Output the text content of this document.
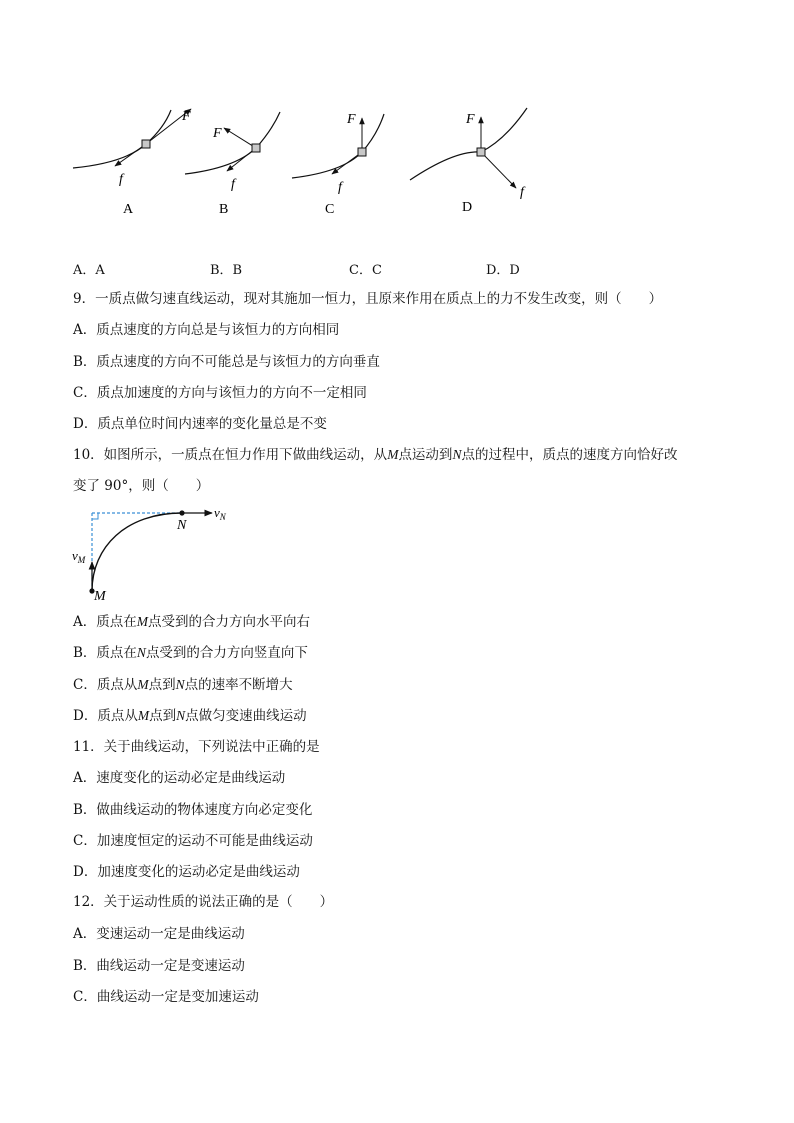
F
f
A
F
f
B
F
f
C
F
f
D
A．A	B．B	C．C	D．D
9．一质点做匀速直线运动，现对其施加一恒力，且原来作用在质点上的力不发生改变，则（　　）
A．质点速度的方向总是与该恒力的方向相同
B．质点速度的方向不可能总是与该恒力的方向垂直
C．质点加速度的方向与该恒力的方向不一定相同
D．质点单位时间内速率的变化量总是不变
10．如图所示，一质点在恒力作用下做曲线运动，从M点运动到N点的过程中，质点的速度方向恰好改
变了 90°，则（　　）
$v_N$
N
$v_M$
M
A．质点在M点受到的合力方向水平向右
B．质点在N点受到的合力方向竖直向下
C．质点从M点到N点的速率不断增大
D．质点从M点到N点做匀变速曲线运动
11．关于曲线运动，下列说法中正确的是
A．速度变化的运动必定是曲线运动
B．做曲线运动的物体速度方向必定变化
C．加速度恒定的运动不可能是曲线运动
D．加速度变化的运动必定是曲线运动
12．关于运动性质的说法正确的是（　　）
A．变速运动一定是曲线运动
B．曲线运动一定是变速运动
C．曲线运动一定是变加速运动
